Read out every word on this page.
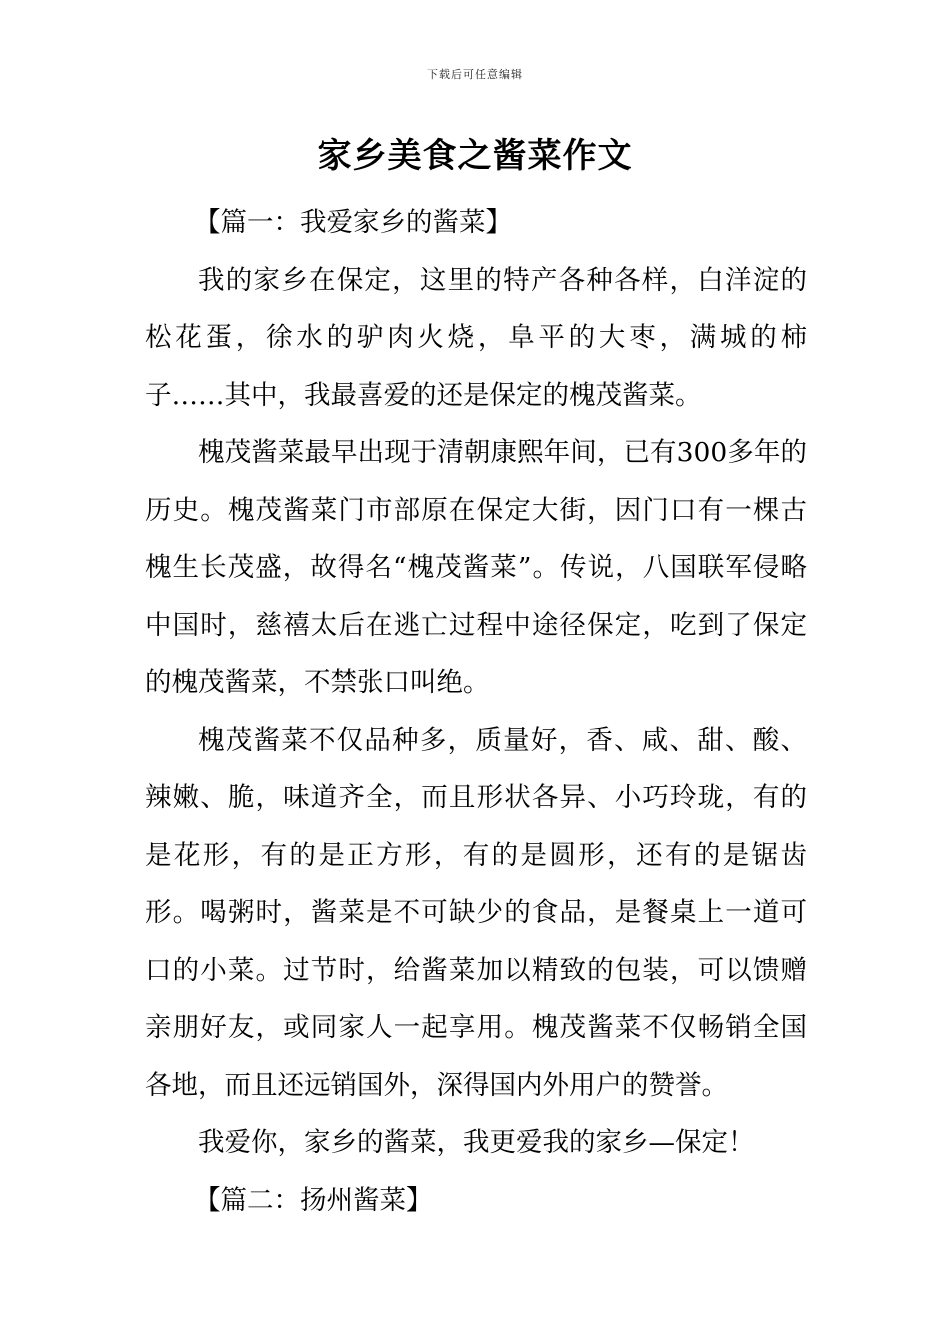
下载后可任意编辑
家乡美食之酱菜作文

【篇一：我爱家乡的酱菜】

我的家乡在保定，这里的特产各种各样，白洋淀的松花蛋，徐水的驴肉火烧，阜平的大枣，满城的柿子……其中，我最喜爱的还是保定的槐茂酱菜。

槐茂酱菜最早出现于清朝康熙年间，已有300多年的历史。槐茂酱菜门市部原在保定大街，因门口有一棵古槐生长茂盛，故得名“槐茂酱菜”。传说，八国联军侵略中国时，慈禧太后在逃亡过程中途径保定，吃到了保定的槐茂酱菜，不禁张口叫绝。

槐茂酱菜不仅品种多，质量好，香、咸、甜、酸、辣嫩、脆，味道齐全，而且形状各异、小巧玲珑，有的是花形，有的是正方形，有的是圆形，还有的是锯齿形。喝粥时，酱菜是不可缺少的食品，是餐桌上一道可口的小菜。过节时，给酱菜加以精致的包装，可以馈赠亲朋好友，或同家人一起享用。槐茂酱菜不仅畅销全国各地，而且还远销国外，深得国内外用户的赞誉。

我爱你，家乡的酱菜，我更爱我的家乡—保定！

【篇二：扬州酱菜】
